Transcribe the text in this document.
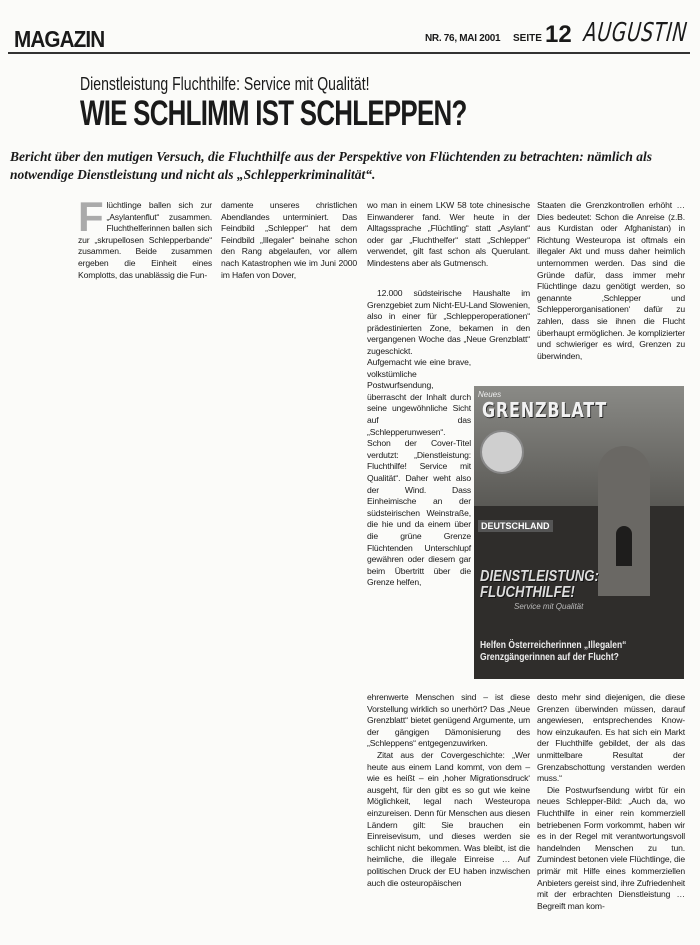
MAGAZIN	NR. 76, MAI 2001 SEITE 12 AUGUSTIN
Dienstleistung Fluchthilfe: Service mit Qualität!
WIE SCHLIMM IST SCHLEPPEN?
Bericht über den mutigen Versuch, die Fluchthilfe aus der Perspektive von Flüchtenden zu betrachten: nämlich als notwendige Dienstleistung und nicht als „Schlepperkriminalität“.

Flüchtlinge ballen sich zur „Asylantenflut“ zusammen. Fluchthelferinnen ballen sich zur „skrupellosen Schlepperbande“ zusammen. Beide zusammen ergeben die Einheit eines Komplotts, das unablässig die Fun-

damente unseres christlichen Abendlandes unterminiert. Das Feindbild „Schlepper“ hat dem Feindbild „Illegaler“ beinahe schon den Rang abgelaufen, vor allem nach Katastrophen wie im Juni 2000 im Hafen von Dover,

wo man in einem LKW 58 tote chinesische Einwanderer fand. Wer heute in der Alltagssprache „Flüchtling“ statt „Asylant“ oder gar „Fluchthelfer“ statt „Schlepper“ verwendet, gilt fast schon als Querulant. Mindestens aber als Gutmensch.

12.000 südsteirische Haushalte im Grenzgebiet zum Nicht-EU-Land Slowenien, also in einer für „Schlepperoperationen“ prädestinierten Zone, bekamen in den vergangenen Woche das „Neue Grenzblatt“ zugeschickt.

Aufgemacht wie eine brave, volkstümliche Postwurfsendung, überrascht der Inhalt durch seine ungewöhnliche Sicht auf das „Schlepperunwesen“. Schon der Cover-Titel verdutzt: „Dienstleistung: Fluchthilfe! Service mit Qualität“. Daher weht also der Wind. Dass Einheimische an der südsteirischen Weinstraße, die hie und da einem über die grüne Grenze Flüchtenden Unterschlupf gewähren oder diesem gar beim Übertritt über die Grenze helfen,

Staaten die Grenzkontrollen erhöht … Dies bedeutet: Schon die Anreise (z.B. aus Kurdistan oder Afghanistan) in Richtung Westeuropa ist oftmals ein illegaler Akt und muss daher heimlich unternommen werden. Das sind die Gründe dafür, dass immer mehr Flüchtlinge dazu genötigt werden, so genannte ‚Schlepper und Schlepperorganisationen‘ dafür zu zahlen, dass sie ihnen die Flucht überhaupt ermöglichen. Je komplizierter und schwieriger es wird, Grenzen zu überwinden,

Neues
GRENZBLATT
DEUTSCHLAND
DIENSTLEISTUNG: FLUCHTHILFE!
Service mit Qualität
Helfen Österreicherinnen „Illegalen“ Grenzgängerinnen auf der Flucht?

ehrenwerte Menschen sind – ist diese Vorstellung wirklich so unerhört? Das „Neue Grenzblatt“ bietet genügend Argumente, um der gängigen Dämonisierung des „Schleppens“ entgegenzuwirken.

Zitat aus der Covergeschichte: „Wer heute aus einem Land kommt, von dem – wie es heißt – ein ‚hoher Migrationsdruck‘ ausgeht, für den gibt es so gut wie keine Möglichkeit, legal nach Westeuropa einzureisen. Denn für Menschen aus diesen Ländern gilt: Sie brauchen ein Einreisevisum, und dieses werden sie schlicht nicht bekommen. Was bleibt, ist die heimliche, die illegale Einreise … Auf politischen Druck der EU haben inzwischen auch die osteuropäischen

desto mehr sind diejenigen, die diese Grenzen überwinden müssen, darauf angewiesen, entsprechendes Know-how einzukaufen. Es hat sich ein Markt der Fluchthilfe gebildet, der als das unmittelbare Resultat der Grenzabschottung verstanden werden muss.“

Die Postwurfsendung wirbt für ein neues Schlepper-Bild: „Auch da, wo Fluchthilfe in einer rein kommerziell betriebenen Form vorkommt, haben wir es in der Regel mit verantwortungsvoll handelnden Menschen zu tun. Zumindest betonen viele Flüchtlinge, die primär mit Hilfe eines kommerziellen Anbieters gereist sind, ihre Zufriedenheit mit der erbrachten Dienstleistung … Begreift man kom-
